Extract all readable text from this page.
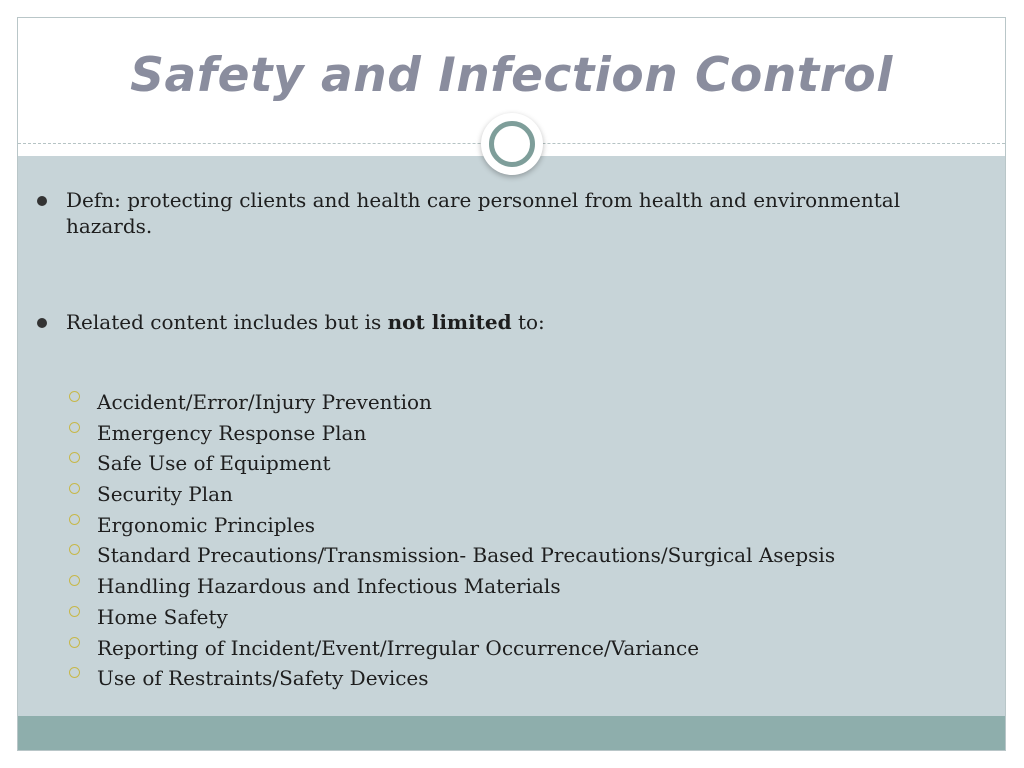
Safety and Infection Control
Defn: protecting clients and health care personnel from health and environmental hazards.
Related content includes but is not limited to:
Accident/Error/Injury Prevention
Emergency Response Plan
Safe Use of Equipment
Security Plan
Ergonomic Principles
Standard Precautions/Transmission- Based Precautions/Surgical Asepsis
Handling Hazardous and Infectious Materials
Home Safety
Reporting of Incident/Event/Irregular Occurrence/Variance
Use of Restraints/Safety Devices
